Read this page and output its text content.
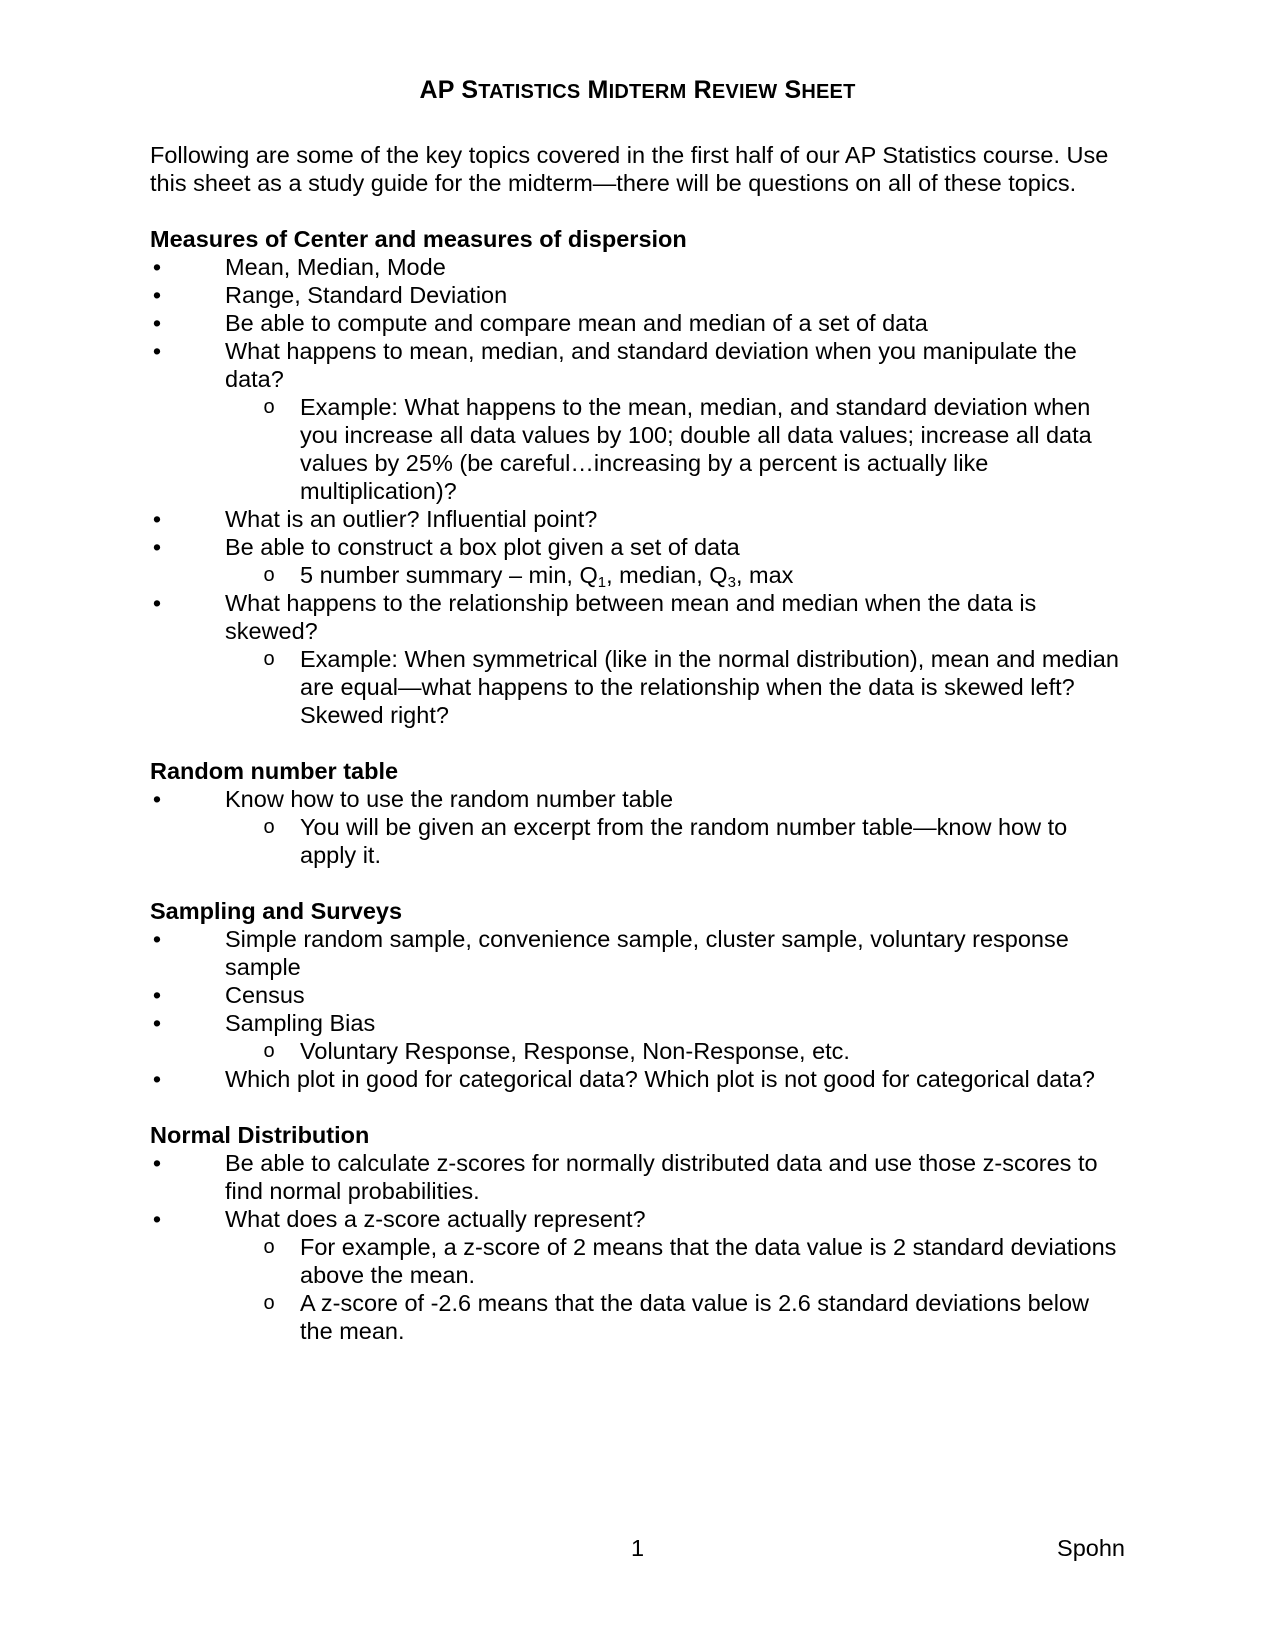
AP STATISTICS MIDTERM REVIEW SHEET

Following are some of the key topics covered in the first half of our AP Statistics course. Use this sheet as a study guide for the midterm—there will be questions on all of these topics.

Measures of Center and measures of dispersion

•	Mean, Median, Mode
•	Range, Standard Deviation
•	Be able to compute and compare mean and median of a set of data
•	What happens to mean, median, and standard deviation when you manipulate the data?
o Example: What happens to the mean, median, and standard deviation when you increase all data values by 100; double all data values; increase all data values by 25% (be careful…increasing by a percent is actually like multiplication)?
•	What is an outlier? Influential point?
•	Be able to construct a box plot given a set of data
o 5 number summary – min, $Q_1$, median, $Q_3$, max
•	What happens to the relationship between mean and median when the data is skewed?
o Example: When symmetrical (like in the normal distribution), mean and median are equal—what happens to the relationship when the data is skewed left? Skewed right?

Random number table

•	Know how to use the random number table
o You will be given an excerpt from the random number table—know how to apply it.

Sampling and Surveys

•	Simple random sample, convenience sample, cluster sample, voluntary response sample
•	Census
•	Sampling Bias
o Voluntary Response, Response, Non-Response, etc.
•	Which plot in good for categorical data? Which plot is not good for categorical data?

Normal Distribution

•	Be able to calculate z-scores for normally distributed data and use those z-scores to find normal probabilities.
•	What does a z-score actually represent?
o For example, a z-score of 2 means that the data value is 2 standard deviations above the mean.
o A z-score of -2.6 means that the data value is 2.6 standard deviations below the mean.
1	Spohn
